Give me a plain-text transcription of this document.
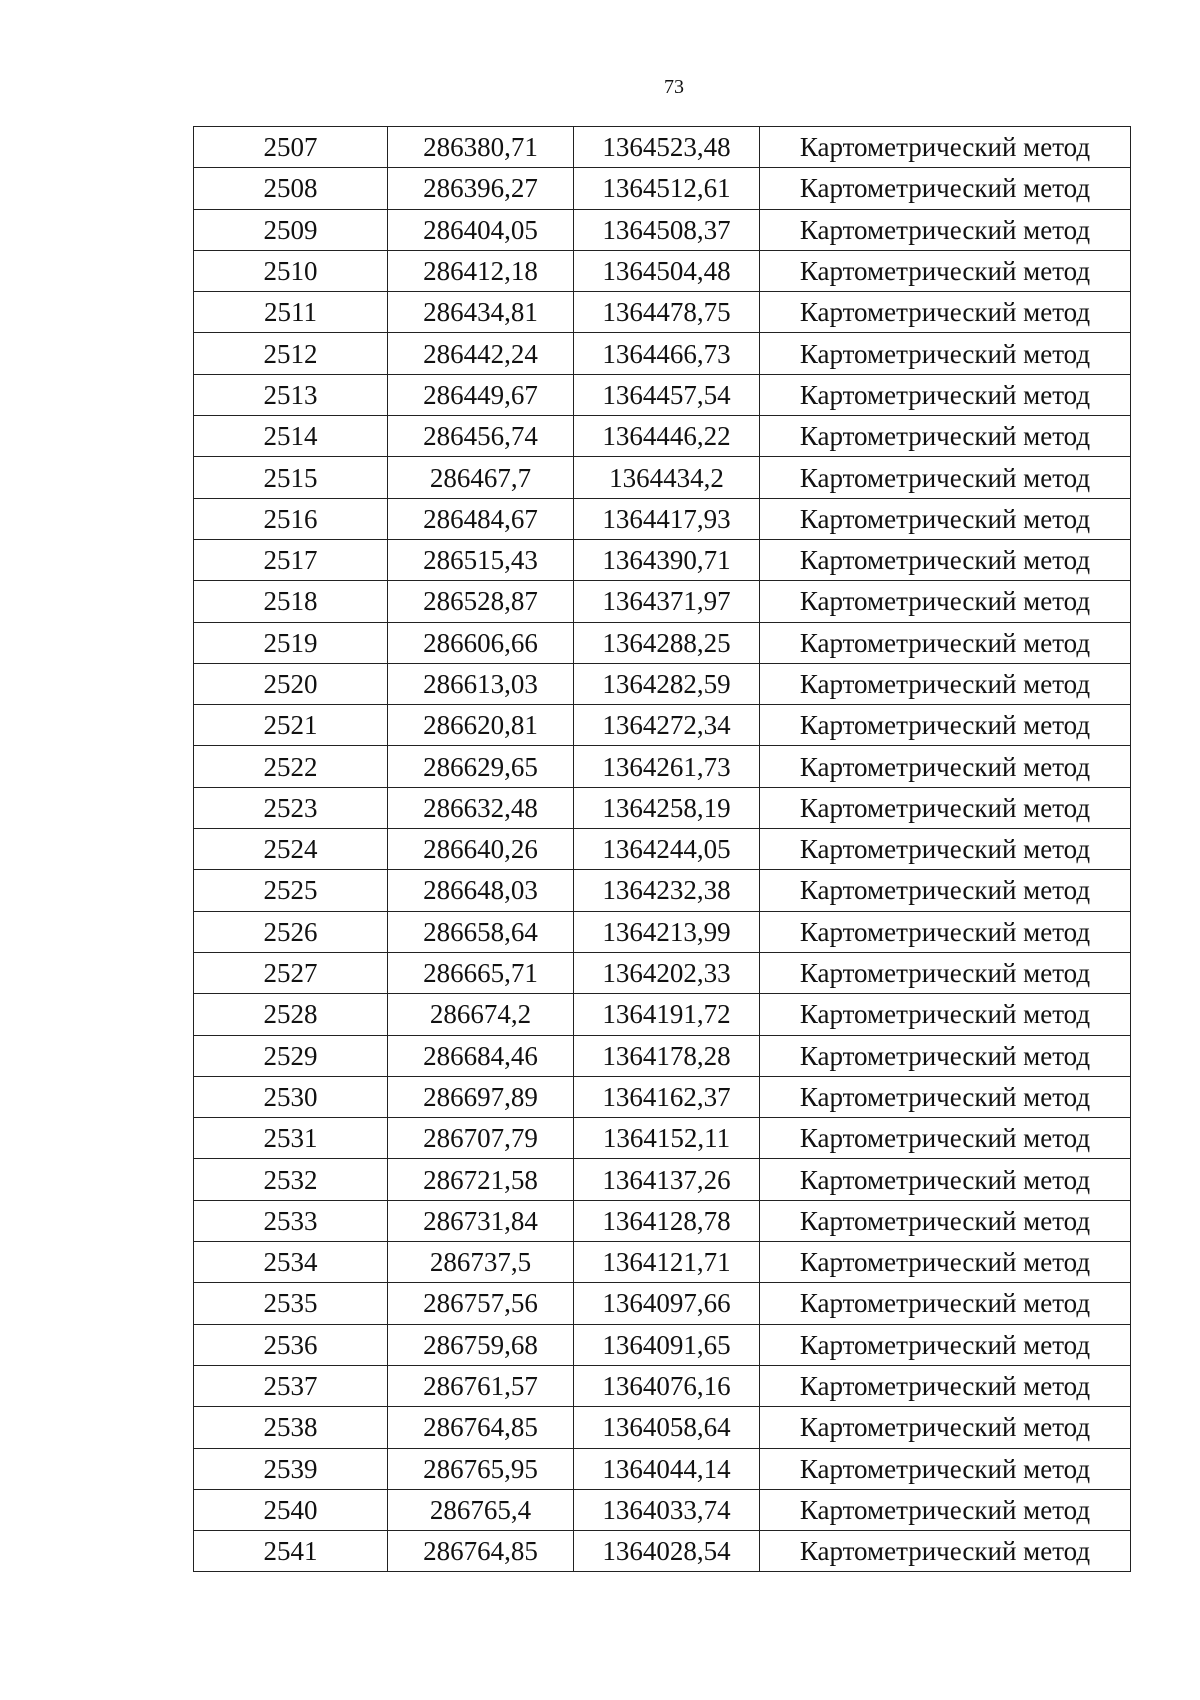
73
2507	286380,71	1364523,48	Картометрический метод
2508	286396,27	1364512,61	Картометрический метод
2509	286404,05	1364508,37	Картометрический метод
2510	286412,18	1364504,48	Картометрический метод
2511	286434,81	1364478,75	Картометрический метод
2512	286442,24	1364466,73	Картометрический метод
2513	286449,67	1364457,54	Картометрический метод
2514	286456,74	1364446,22	Картометрический метод
2515	286467,7	1364434,2	Картометрический метод
2516	286484,67	1364417,93	Картометрический метод
2517	286515,43	1364390,71	Картометрический метод
2518	286528,87	1364371,97	Картометрический метод
2519	286606,66	1364288,25	Картометрический метод
2520	286613,03	1364282,59	Картометрический метод
2521	286620,81	1364272,34	Картометрический метод
2522	286629,65	1364261,73	Картометрический метод
2523	286632,48	1364258,19	Картометрический метод
2524	286640,26	1364244,05	Картометрический метод
2525	286648,03	1364232,38	Картометрический метод
2526	286658,64	1364213,99	Картометрический метод
2527	286665,71	1364202,33	Картометрический метод
2528	286674,2	1364191,72	Картометрический метод
2529	286684,46	1364178,28	Картометрический метод
2530	286697,89	1364162,37	Картометрический метод
2531	286707,79	1364152,11	Картометрический метод
2532	286721,58	1364137,26	Картометрический метод
2533	286731,84	1364128,78	Картометрический метод
2534	286737,5	1364121,71	Картометрический метод
2535	286757,56	1364097,66	Картометрический метод
2536	286759,68	1364091,65	Картометрический метод
2537	286761,57	1364076,16	Картометрический метод
2538	286764,85	1364058,64	Картометрический метод
2539	286765,95	1364044,14	Картометрический метод
2540	286765,4	1364033,74	Картометрический метод
2541	286764,85	1364028,54	Картометрический метод
